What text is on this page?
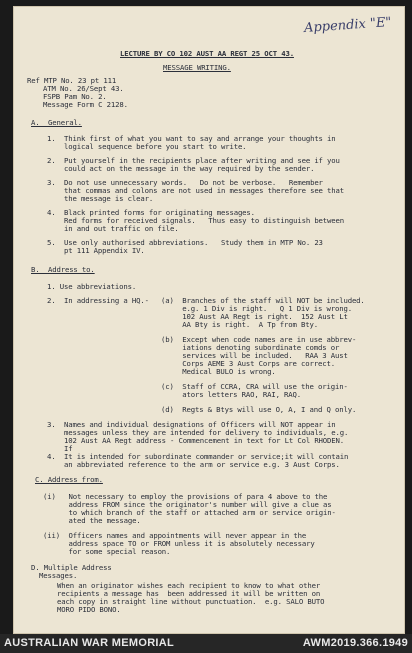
Appendix "E"
LECTURE BY CO 102 AUST AA REGT 25 OCT 43.
MESSAGE WRITING.
Ref MTP No. 23 pt 111
ATM No. 26/Sept 43.
FSPB Pam No. 2.
Message Form C 2128.
A.  General.
1.  Think first of what you want to say and arrange your thoughts in
logical sequence before you start to write.
2.  Put yourself in the recipients place after writing and see if you
could act on the message in the way required by the sender.
3.  Do not use unnecessary words.   Do not be verbose.   Remember
that commas and colons are not used in messages therefore see that
the message is clear.
4.  Black printed forms for originating messages.
Red forms for received signals.   Thus easy to distinguish between
in and out traffic on file.
5.  Use only authorised abbreviations.   Study them in MTP No. 23
pt 111 Appendix IV.
B.  Address to.
1. Use abbreviations.
2.  In addressing a HQ.- (a)  Branches of the staff will NOT be included.
e.g. 1 Div is right.   Q 1 Div is wrong.
102 Aust AA Regt is right.  152 Aust Lt
AA Bty is right.  A Tp from Bty.
(b)  Except when code names are in use abbrev-
iations denoting subordinate comds or
services will be included.   RAA 3 Aust
Corps AEME 3 Aust Corps are correct.
Medical BULO is wrong.
(c)  Staff of CCRA, CRA will use the origin-
ators letters RAO, RAI, RAQ.
(d)  Regts & Btys will use O, A, I and Q only.
3.  Names and individual designations of Officers will NOT appear in
messages unless they are intended for delivery to individuals, e.g.
102 Aust AA Regt address - Commencement in text for Lt Col RHODEN.
If
4.  It is intended for subordinate commander or service;it will contain
an abbreviated reference to the arm or service e.g. 3 Aust Corps.
C. Address from.
(i)   Not necessary to employ the provisions of para 4 above to the
address FROM since the originator's number will give a clue as
to which branch of the staff or attached arm or service origin-
ated the message.
(ii)  Officers names and appointments will never appear in the
address space TO or FROM unless it is absolutely necessary
for some special reason.
D. Multiple Address
Messages.
When an originator wishes each recipient to know to what other
recipients a message has  been addressed it will be written on
each copy in straight line without punctuation.  e.g. SALO BUTO
MORO PIDO BONO.
AUSTRALIAN WAR MEMORIAL	AWM2019.366.1949
